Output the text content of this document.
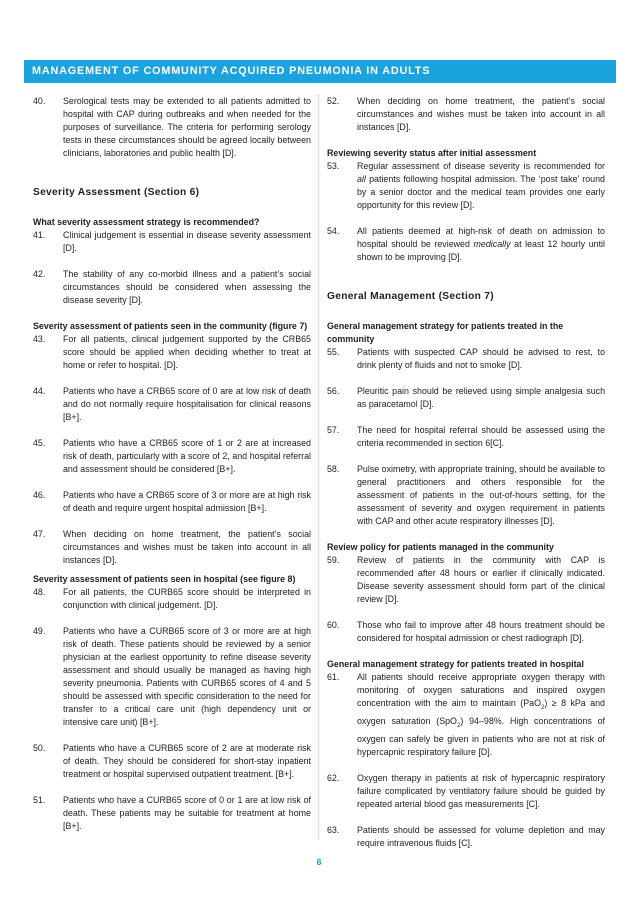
MANAGEMENT OF COMMUNITY ACQUIRED PNEUMONIA IN ADULTS
40.	Serological tests may be extended to all patients admitted to hospital with CAP during outbreaks and when needed for the purposes of surveillance. The criteria for performing serology tests in these circumstances should be agreed locally between clinicians, laboratories and public health [D].
Severity Assessment (Section 6)
What severity assessment strategy is recommended?
41.	Clinical judgement is essential in disease severity assessment [D].
42.	The stability of any co-morbid illness and a patient’s social circumstances should be considered when assessing the disease severity [D].
Severity assessment of patients seen in the community (figure 7)
43.	For all patients, clinical judgement supported by the CRB65 score should be applied when deciding whether to treat at home or refer to hospital. [D].
44.	Patients who have a CRB65 score of 0 are at low risk of death and do not normally require hospitalisation for clinical reasons [B+].
45.	Patients who have a CRB65 score of 1 or 2 are at increased risk of death, particularly with a score of 2, and hospital referral and assessment should be considered [B+].
46.	Patients who have a CRB65 score of 3 or more are at high risk of death and require urgent hospital admission [B+].
47.	When deciding on home treatment, the patient’s social circumstances and wishes must be taken into account in all instances [D].
Severity assessment of patients seen in hospital (see figure 8)
48.	For all patients, the CURB65 score should be interpreted in conjunction with clinical judgement. [D].
49.	Patients who have a CURB65 score of 3 or more are at high risk of death. These patients should be reviewed by a senior physician at the earliest opportunity to refine disease severity assessment and should usually be managed as having high severity pneumonia. Patients with CURB65 scores of 4 and 5 should be assessed with specific consideration to the need for transfer to a critical care unit (high dependency unit or intensive care unit) [B+].
50.	Patients who have a CURB65 score of 2 are at moderate risk of death. They should be considered for short-stay inpatient treatment or hospital supervised outpatient treatment. [B+].
51.	Patients who have a CURB65 score of 0 or 1 are at low risk of death. These patients may be suitable for treatment at home [B+].
52.	When deciding on home treatment, the patient’s social circumstances and wishes must be taken into account in all instances [D].
Reviewing severity status after initial assessment
53.	Regular assessment of disease severity is recommended for all patients following hospital admission. The ‘post take’ round by a senior doctor and the medical team provides one early opportunity for this review [D].
54.	All patients deemed at high-risk of death on admission to hospital should be reviewed medically at least 12 hourly until shown to be improving [D].
General Management (Section 7)
General management strategy for patients treated in the community
55.	Patients with suspected CAP should be advised to rest, to drink plenty of fluids and not to smoke [D].
56.	Pleuritic pain should be relieved using simple analgesia such as paracetamol [D].
57.	The need for hospital referral should be assessed using the criteria recommended in section 6[C].
58.	Pulse oximetry, with appropriate training, should be available to general practitioners and others responsible for the assessment of patients in the out-of-hours setting, for the assessment of severity and oxygen requirement in patients with CAP and other acute respiratory illnesses [D].
Review policy for patients managed in the community
59.	Review of patients in the community with CAP is recommended after 48 hours or earlier if clinically indicated. Disease severity assessment should form part of the clinical review [D].
60.	Those who fail to improve after 48 hours treatment should be considered for hospital admission or chest radiograph [D].
General management strategy for patients treated in hospital
61.	All patients should receive appropriate oxygen therapy with monitoring of oxygen saturations and inspired oxygen concentration with the aim to maintain (PaO$_2$) ≥ 8 kPa and oxygen saturation (SpO$_2$) 94–98%. High concentrations of oxygen can safely be given in patients who are not at risk of hypercapnic respiratory failure [D].
62.	Oxygen therapy in patients at risk of hypercapnic respiratory failure complicated by ventilatory failure should be guided by repeated arterial blood gas measurements [C].
63.	Patients should be assessed for volume depletion and may require intravenous fluids [C].
6
